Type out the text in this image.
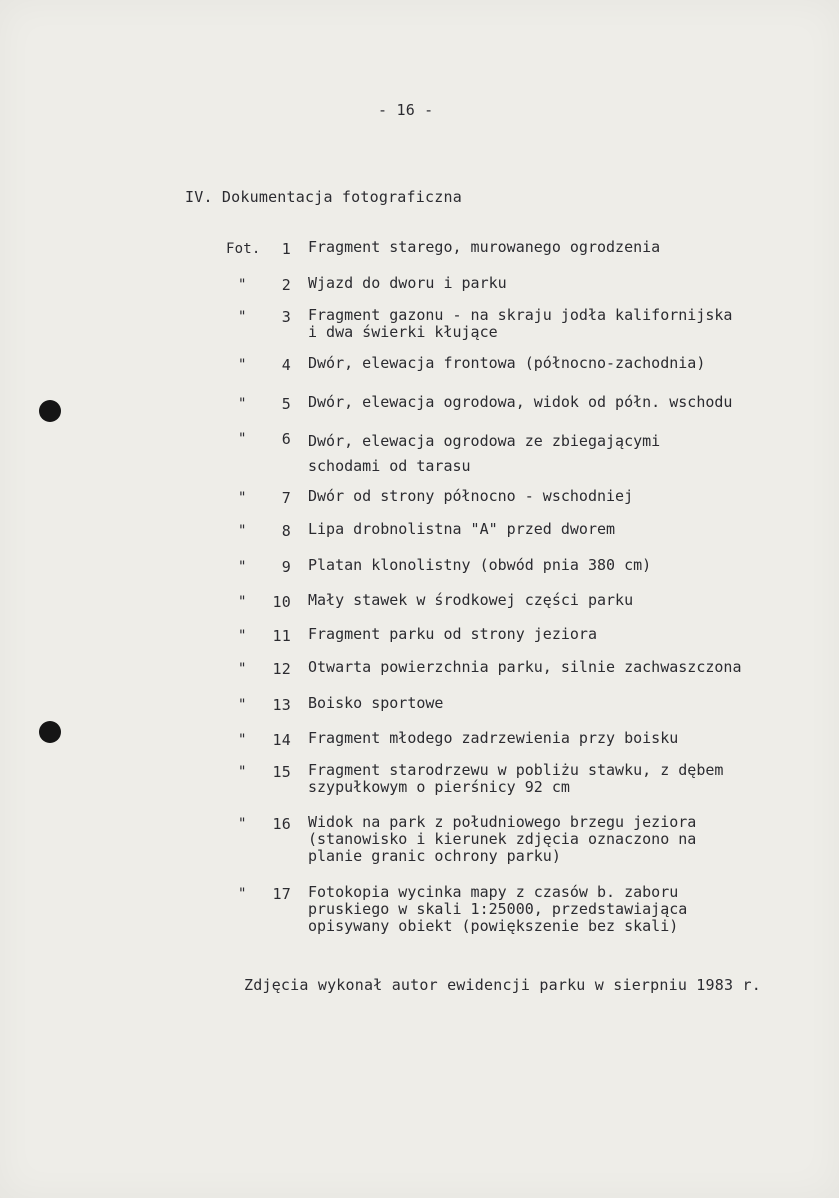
- 16 -
IV. Dokumentacja fotograficzna
Fot.	1 Fragment starego, murowanego ogrodzenia
"	2 Wjazd do dworu i parku
"	3 Fragment gazonu - na skraju jodła kalifornijska
i dwa świerki kłujące
"	4 Dwór, elewacja frontowa (północno-zachodnia)
"	5 Dwór, elewacja ogrodowa, widok od półn. wschodu
"	6 Dwór, elewacja ogrodowa ze zbiegającymi
schodami od tarasu
"	7 Dwór od strony północno - wschodniej
"	8 Lipa drobnolistna "A" przed dworem
"	9 Platan klonolistny (obwód pnia 380 cm)
"	10 Mały stawek w środkowej części parku
"	11 Fragment parku od strony jeziora
"	12 Otwarta powierzchnia parku, silnie zachwaszczona
"	13 Boisko sportowe
"	14 Fragment młodego zadrzewienia przy boisku
"	15 Fragment starodrzewu w pobliżu stawku, z dębem
szypułkowym o pierśnicy 92 cm
"	16 Widok na park z południowego brzegu jeziora
(stanowisko i kierunek zdjęcia oznaczono na
planie granic ochrony parku)
"	17 Fotokopia wycinka mapy z czasów b. zaboru
pruskiego w skali 1:25000, przedstawiająca
opisywany obiekt (powiększenie bez skali)
Zdjęcia wykonał autor ewidencji parku w sierpniu 1983 r.
